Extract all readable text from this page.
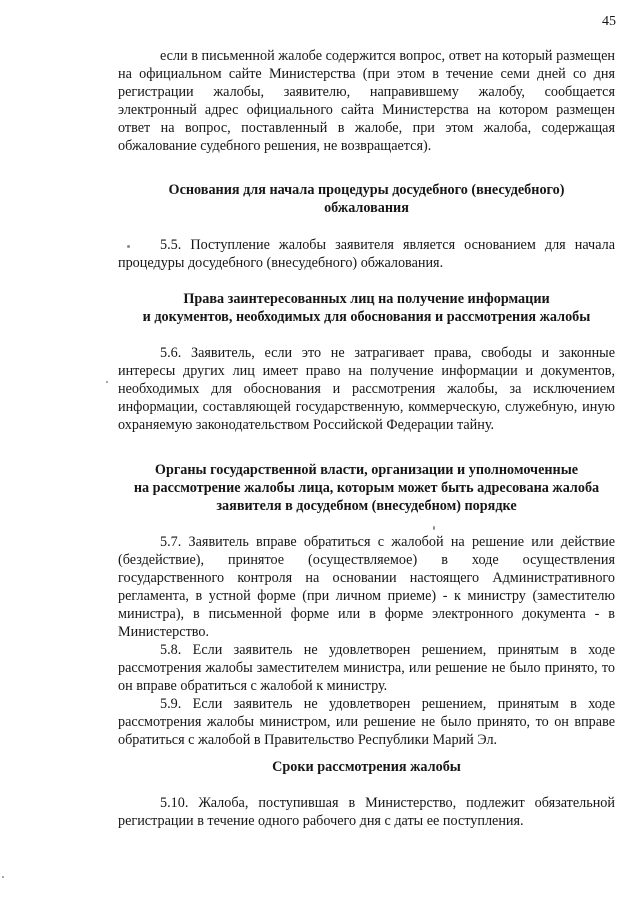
45

если в письменной жалобе содержится вопрос, ответ на который размещен на официальном сайте Министерства (при этом в течение семи дней со дня регистрации жалобы, заявителю, направившему жалобу, сообщается электронный адрес официального сайта Министерства на котором размещен ответ на вопрос, поставленный в жалобе, при этом жалоба, содержащая обжалование судебного решения, не возвращается).

Основания для начала процедуры досудебного (внесудебного)
обжалования

5.5. Поступление жалобы заявителя является основанием для начала процедуры досудебного (внесудебного) обжалования.

Права заинтересованных лиц на получение информации
и документов, необходимых для обоснования и рассмотрения жалобы

5.6. Заявитель, если это не затрагивает права, свободы и законные интересы других лиц имеет право на получение информации и документов, необходимых для обоснования и рассмотрения жалобы, за исключением информации, составляющей государственную, коммерческую, служебную, иную охраняемую законодательством Российской Федерации тайну.

Органы государственной власти, организации и уполномоченные
на рассмотрение жалобы лица, которым может быть адресована жалоба
заявителя в досудебном (внесудебном) порядке

5.7. Заявитель вправе обратиться с жалобой на решение или действие (бездействие), принятое (осуществляемое) в ходе осуществления государственного контроля на основании настоящего Административного регламента, в устной форме (при личном приеме) - к министру (заместителю министра), в письменной форме или в форме электронного документа - в Министерство.

5.8. Если заявитель не удовлетворен решением, принятым в ходе рассмотрения жалобы заместителем министра, или решение не было принято, то он вправе обратиться с жалобой к министру.

5.9. Если заявитель не удовлетворен решением, принятым в ходе рассмотрения жалобы министром, или решение не было принято, то он вправе обратиться с жалобой в Правительство Республики Марий Эл.

Сроки рассмотрения жалобы

5.10. Жалоба, поступившая в Министерство, подлежит обязательной регистрации в течение одного рабочего дня с даты ее поступления.
